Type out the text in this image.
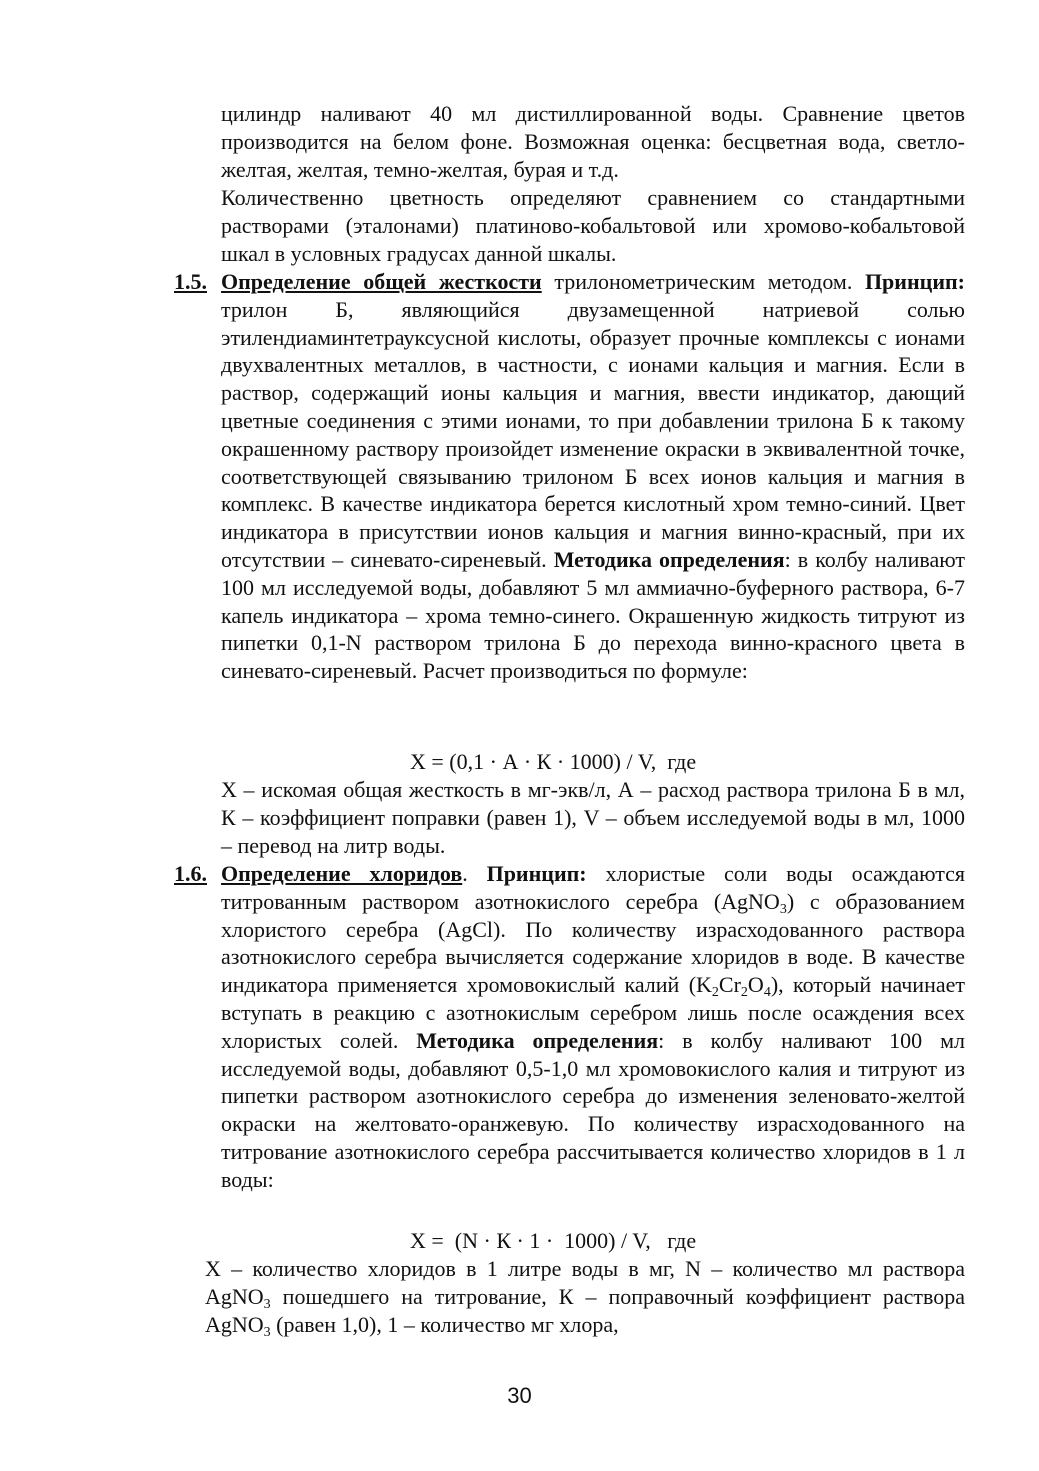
цилиндр наливают 40 мл дистиллированной воды. Сравнение цветов производится на белом фоне. Возможная оценка: бесцветная вода, светло-желтая, желтая, темно-желтая, бурая и т.д.
Количественно цветность определяют сравнением со стандартными растворами (эталонами) платиново-кобальтовой или хромово-кобальтовой шкал в условных градусах данной шкалы.
1.5. Определение общей жесткости трилонометрическим методом. Принцип: трилон Б, являющийся двузамещенной натриевой солью этилендиаминтетрауксусной кислоты, образует прочные комплексы с ионами двухвалентных металлов, в частности, с ионами кальция и магния. Если в раствор, содержащий ионы кальция и магния, ввести индикатор, дающий цветные соединения с этими ионами, то при добавлении трилона Б к такому окрашенному раствору произойдет изменение окраски в эквивалентной точке, соответствующей связыванию трилоном Б всех ионов кальция и магния в комплекс. В качестве индикатора берется кислотный хром темно-синий. Цвет индикатора в присутствии ионов кальция и магния винно-красный, при их отсутствии – синевато-сиреневый. Методика определения: в колбу наливают 100 мл исследуемой воды, добавляют 5 мл аммиачно-буферного раствора, 6-7 капель индикатора – хрома темно-синего. Окрашенную жидкость титруют из пипетки 0,1-N раствором трилона Б до перехода винно-красного цвета в синевато-сиреневый. Расчет производиться по формуле:
X = (0,1 · А · К · 1000) / V,  где
Х – искомая общая жесткость в мг-экв/л, А – расход раствора трилона Б в мл, К – коэффициент поправки (равен 1), V – объем исследуемой воды в мл, 1000 – перевод на литр воды.
1.6. Определение хлоридов. Принцип: хлористые соли воды осаждаются титрованным раствором азотнокислого серебра (AgNO$_3$) с образованием хлористого серебра (AgCl). По количеству израсходованного раствора азотнокислого серебра вычисляется содержание хлоридов в воде. В качестве индикатора применяется хромовокислый калий $(K_2Cr_2O_4)$, который начинает вступать в реакцию с азотнокислым серебром лишь после осаждения всех хлористых солей. Методика определения: в колбу наливают 100 мл исследуемой воды, добавляют 0,5-1,0 мл хромовокислого калия и титруют из пипетки раствором азотнокислого серебра до изменения зеленовато-желтой окраски на желтовато-оранжевую. По количеству израсходованного на титрование азотнокислого серебра рассчитывается количество хлоридов в 1 л воды:
X =  (N · К · 1 ·  1000) / V,   где
Х – количество хлоридов в 1 литре воды в мг, N – количество мл раствора AgNO$_3$ пошедшего на титрование, К – поправочный коэффициент раствора AgNO$_3$ (равен 1,0), 1 – количество мг хлора,
30
